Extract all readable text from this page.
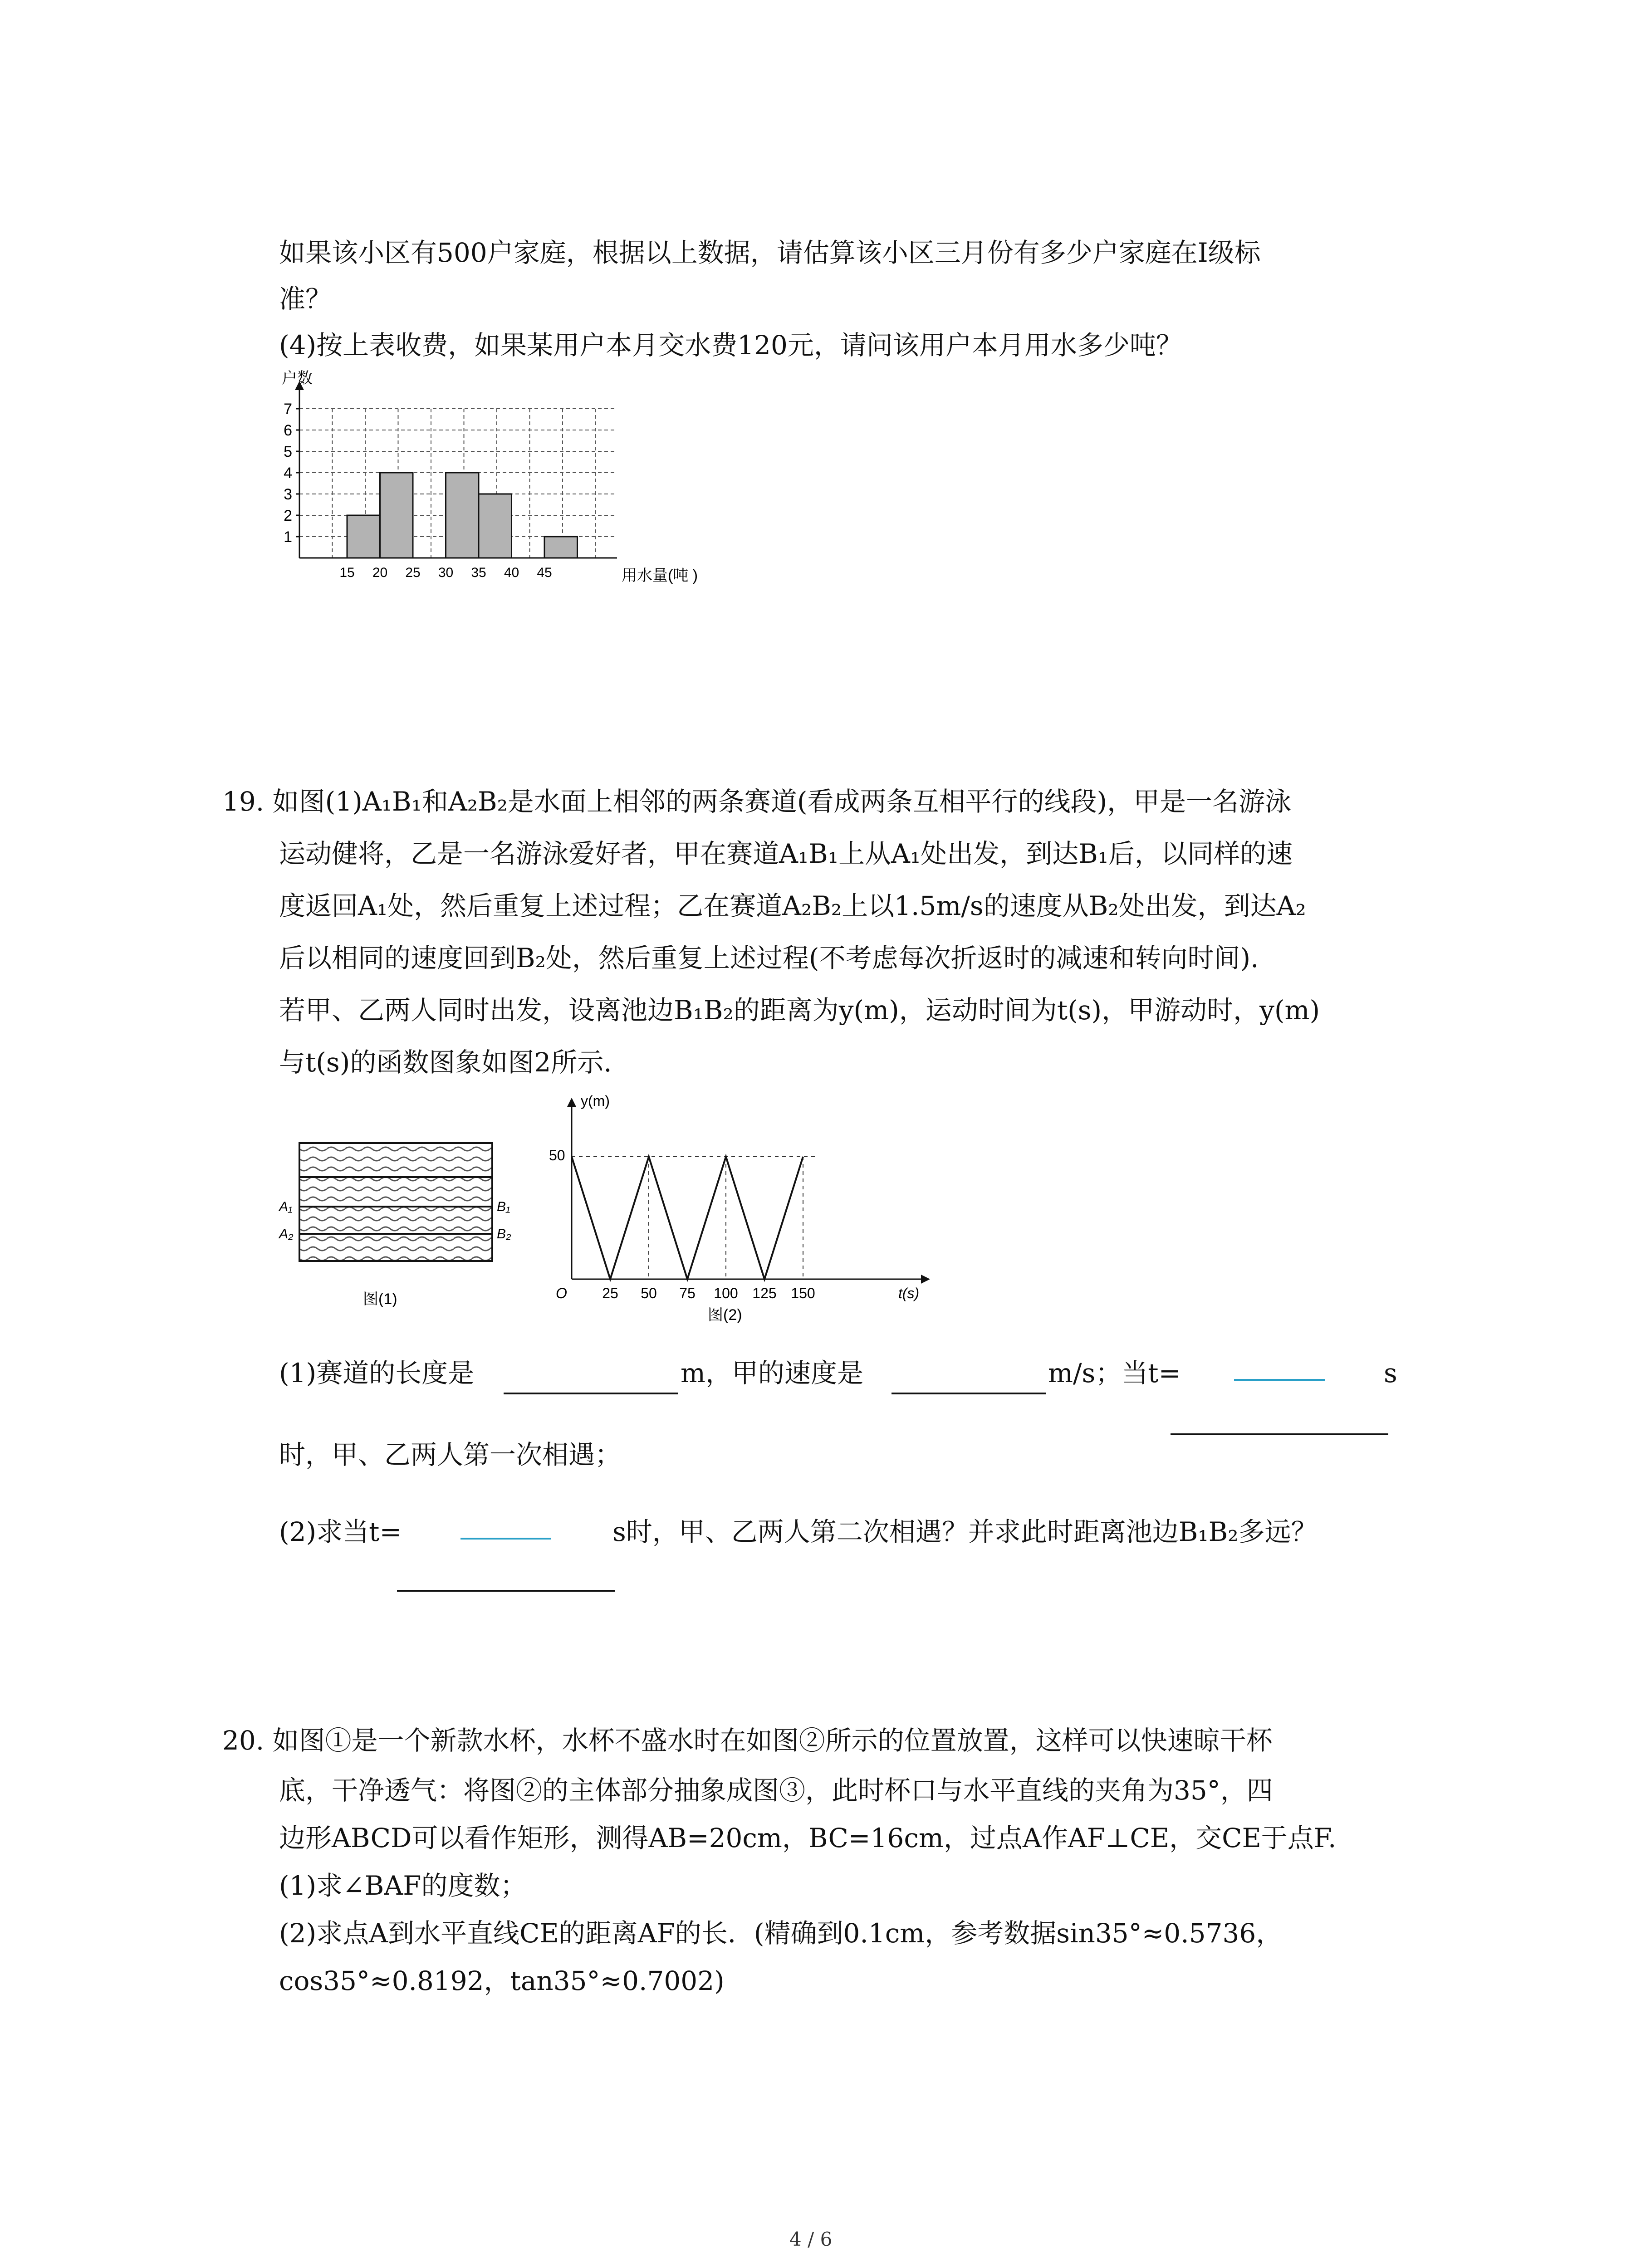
如果该小区有500户家庭，根据以上数据，请估算该小区三月份有多少户家庭在Ⅰ级标
准？
(4)按上表收费，如果某用户本月交水费120元，请问该用户本月用水多少吨？
1
2
3
4
5
6
7
15 20 25 30 35 40 45
户数
用水量(吨 )
19. 如图(1)A₁B₁和A₂B₂是水面上相邻的两条赛道(看成两条互相平行的线段)，甲是一名游泳
运动健将，乙是一名游泳爱好者，甲在赛道A₁B₁上从A₁处出发，到达B₁后，以同样的速
度返回A₁处，然后重复上述过程；乙在赛道A₂B₂上以1.5m/s的速度从B₂处出发，到达A₂
后以相同的速度回到B₂处，然后重复上述过程(不考虑每次折返时的减速和转向时间).
若甲、乙两人同时出发，设离池边B₁B₂的距离为y(m)，运动时间为t(s)，甲游动时，y(m)
与t(s)的函数图象如图2所示.
A₁
A₂
B₁
B₂
图(1)
y(m)
t(s)
O
50
25 50 75 100 125 150
图(2)
(1)赛道的长度是	m，甲的速度是	m/s；当t=	s
时，甲、乙两人第一次相遇；
(2)求当t=	s时，甲、乙两人第二次相遇？并求此时距离池边B₁B₂多远？
20. 如图①是一个新款水杯，水杯不盛水时在如图②所示的位置放置，这样可以快速晾干杯
底，干净透气：将图②的主体部分抽象成图③，此时杯口与水平直线的夹角为35°，四
边形ABCD可以看作矩形，测得AB=20cm，BC=16cm，过点A作AF⊥CE，交CE于点F.
(1)求∠BAF的度数；
(2)求点A到水平直线CE的距离AF的长．(精确到0.1cm，参考数据sin35°≈0.5736，
cos35°≈0.8192，tan35°≈0.7002)
4 / 6
